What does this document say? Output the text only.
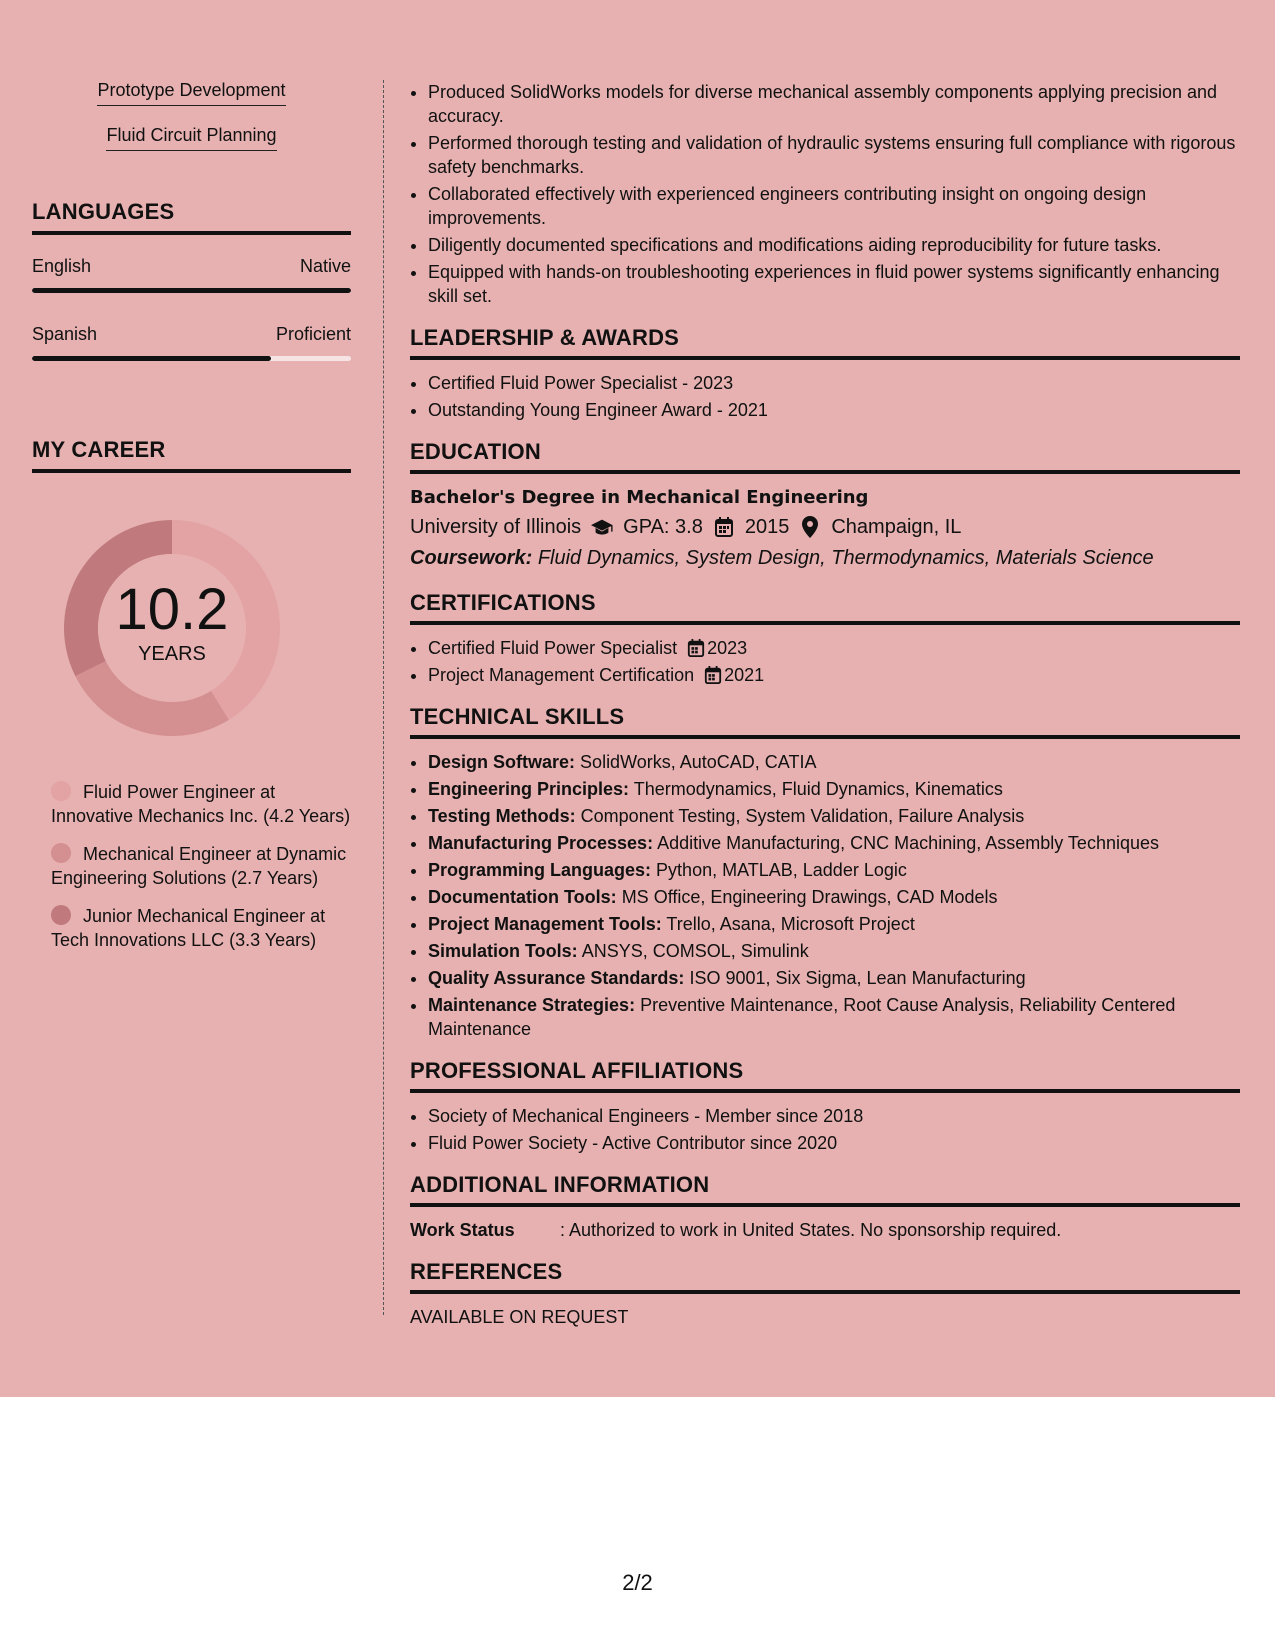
Prototype Development
Fluid Circuit Planning
LANGUAGES
English	Native
Spanish	Proficient
MY CAREER
10.2
YEARS
Fluid Power Engineer at Innovative Mechanics Inc. (4.2 Years)
Mechanical Engineer at Dynamic Engineering Solutions (2.7 Years)
Junior Mechanical Engineer at Tech Innovations LLC (3.3 Years)
• Produced SolidWorks models for diverse mechanical assembly components applying precision and accuracy.
• Performed thorough testing and validation of hydraulic systems ensuring full compliance with rigorous safety benchmarks.
• Collaborated effectively with experienced engineers contributing insight on ongoing design improvements.
• Diligently documented specifications and modifications aiding reproducibility for future tasks.
• Equipped with hands-on troubleshooting experiences in fluid power systems significantly enhancing skill set.
LEADERSHIP & AWARDS
• Certified Fluid Power Specialist - 2023
• Outstanding Young Engineer Award - 2021
EDUCATION
Bachelor's Degree in Mechanical Engineering
University of Illinois GPA: 3.8 2015 Champaign, IL
Coursework: Fluid Dynamics, System Design, Thermodynamics, Materials Science
CERTIFICATIONS
• Certified Fluid Power Specialist 2023
• Project Management Certification 2021
TECHNICAL SKILLS
• Design Software: SolidWorks, AutoCAD, CATIA
• Engineering Principles: Thermodynamics, Fluid Dynamics, Kinematics
• Testing Methods: Component Testing, System Validation, Failure Analysis
• Manufacturing Processes: Additive Manufacturing, CNC Machining, Assembly Techniques
• Programming Languages: Python, MATLAB, Ladder Logic
• Documentation Tools: MS Office, Engineering Drawings, CAD Models
• Project Management Tools: Trello, Asana, Microsoft Project
• Simulation Tools: ANSYS, COMSOL, Simulink
• Quality Assurance Standards: ISO 9001, Six Sigma, Lean Manufacturing
• Maintenance Strategies: Preventive Maintenance, Root Cause Analysis, Reliability Centered Maintenance
PROFESSIONAL AFFILIATIONS
• Society of Mechanical Engineers - Member since 2018
• Fluid Power Society - Active Contributor since 2020
ADDITIONAL INFORMATION
Work Status	: Authorized to work in United States. No sponsorship required.
REFERENCES
AVAILABLE ON REQUEST
2/2
